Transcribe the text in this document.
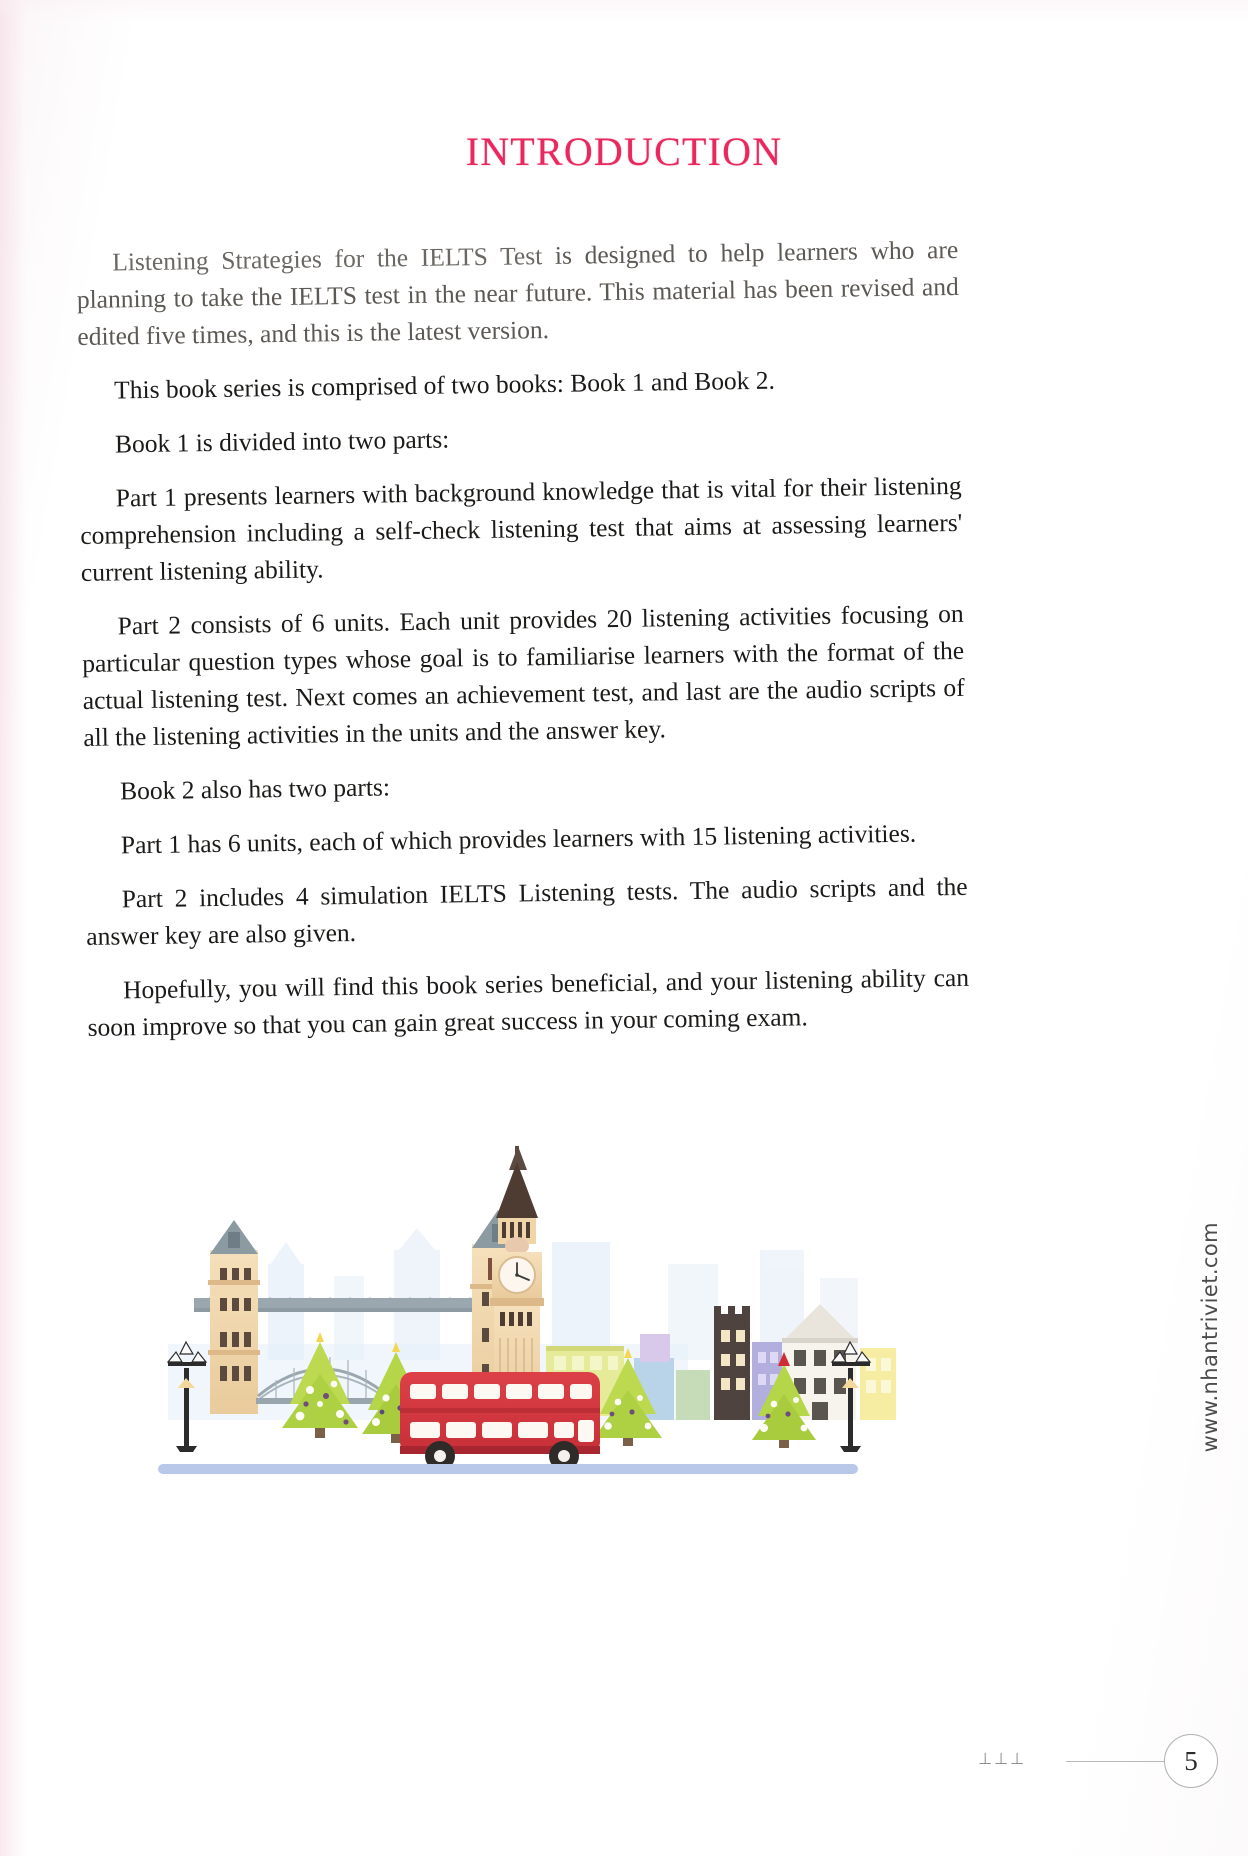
INTRODUCTION

Listening Strategies for the IELTS Test is designed to help learners who are planning to take the IELTS test in the near future. This material has been revised and edited five times, and this is the latest version.

This book series is comprised of two books: Book 1 and Book 2.

Book 1 is divided into two parts:

Part 1 presents learners with background knowledge that is vital for their listening comprehension including a self-check listening test that aims at assessing learners' current listening ability.

Part 2 consists of 6 units. Each unit provides 20 listening activities focusing on particular question types whose goal is to familiarise learners with the format of the actual listening test. Next comes an achievement test, and last are the audio scripts of all the listening activities in the units and the answer key.

Book 2 also has two parts:

Part 1 has 6 units, each of which provides learners with 15 listening activities.

Part 2 includes 4 simulation IELTS Listening tests. The audio scripts and the answer key are also given.

Hopefully, you will find this book series beneficial, and your listening ability can soon improve so that you can gain great success in your coming exam.

www.nhantriviet.com
⊥⊥⊥	5
